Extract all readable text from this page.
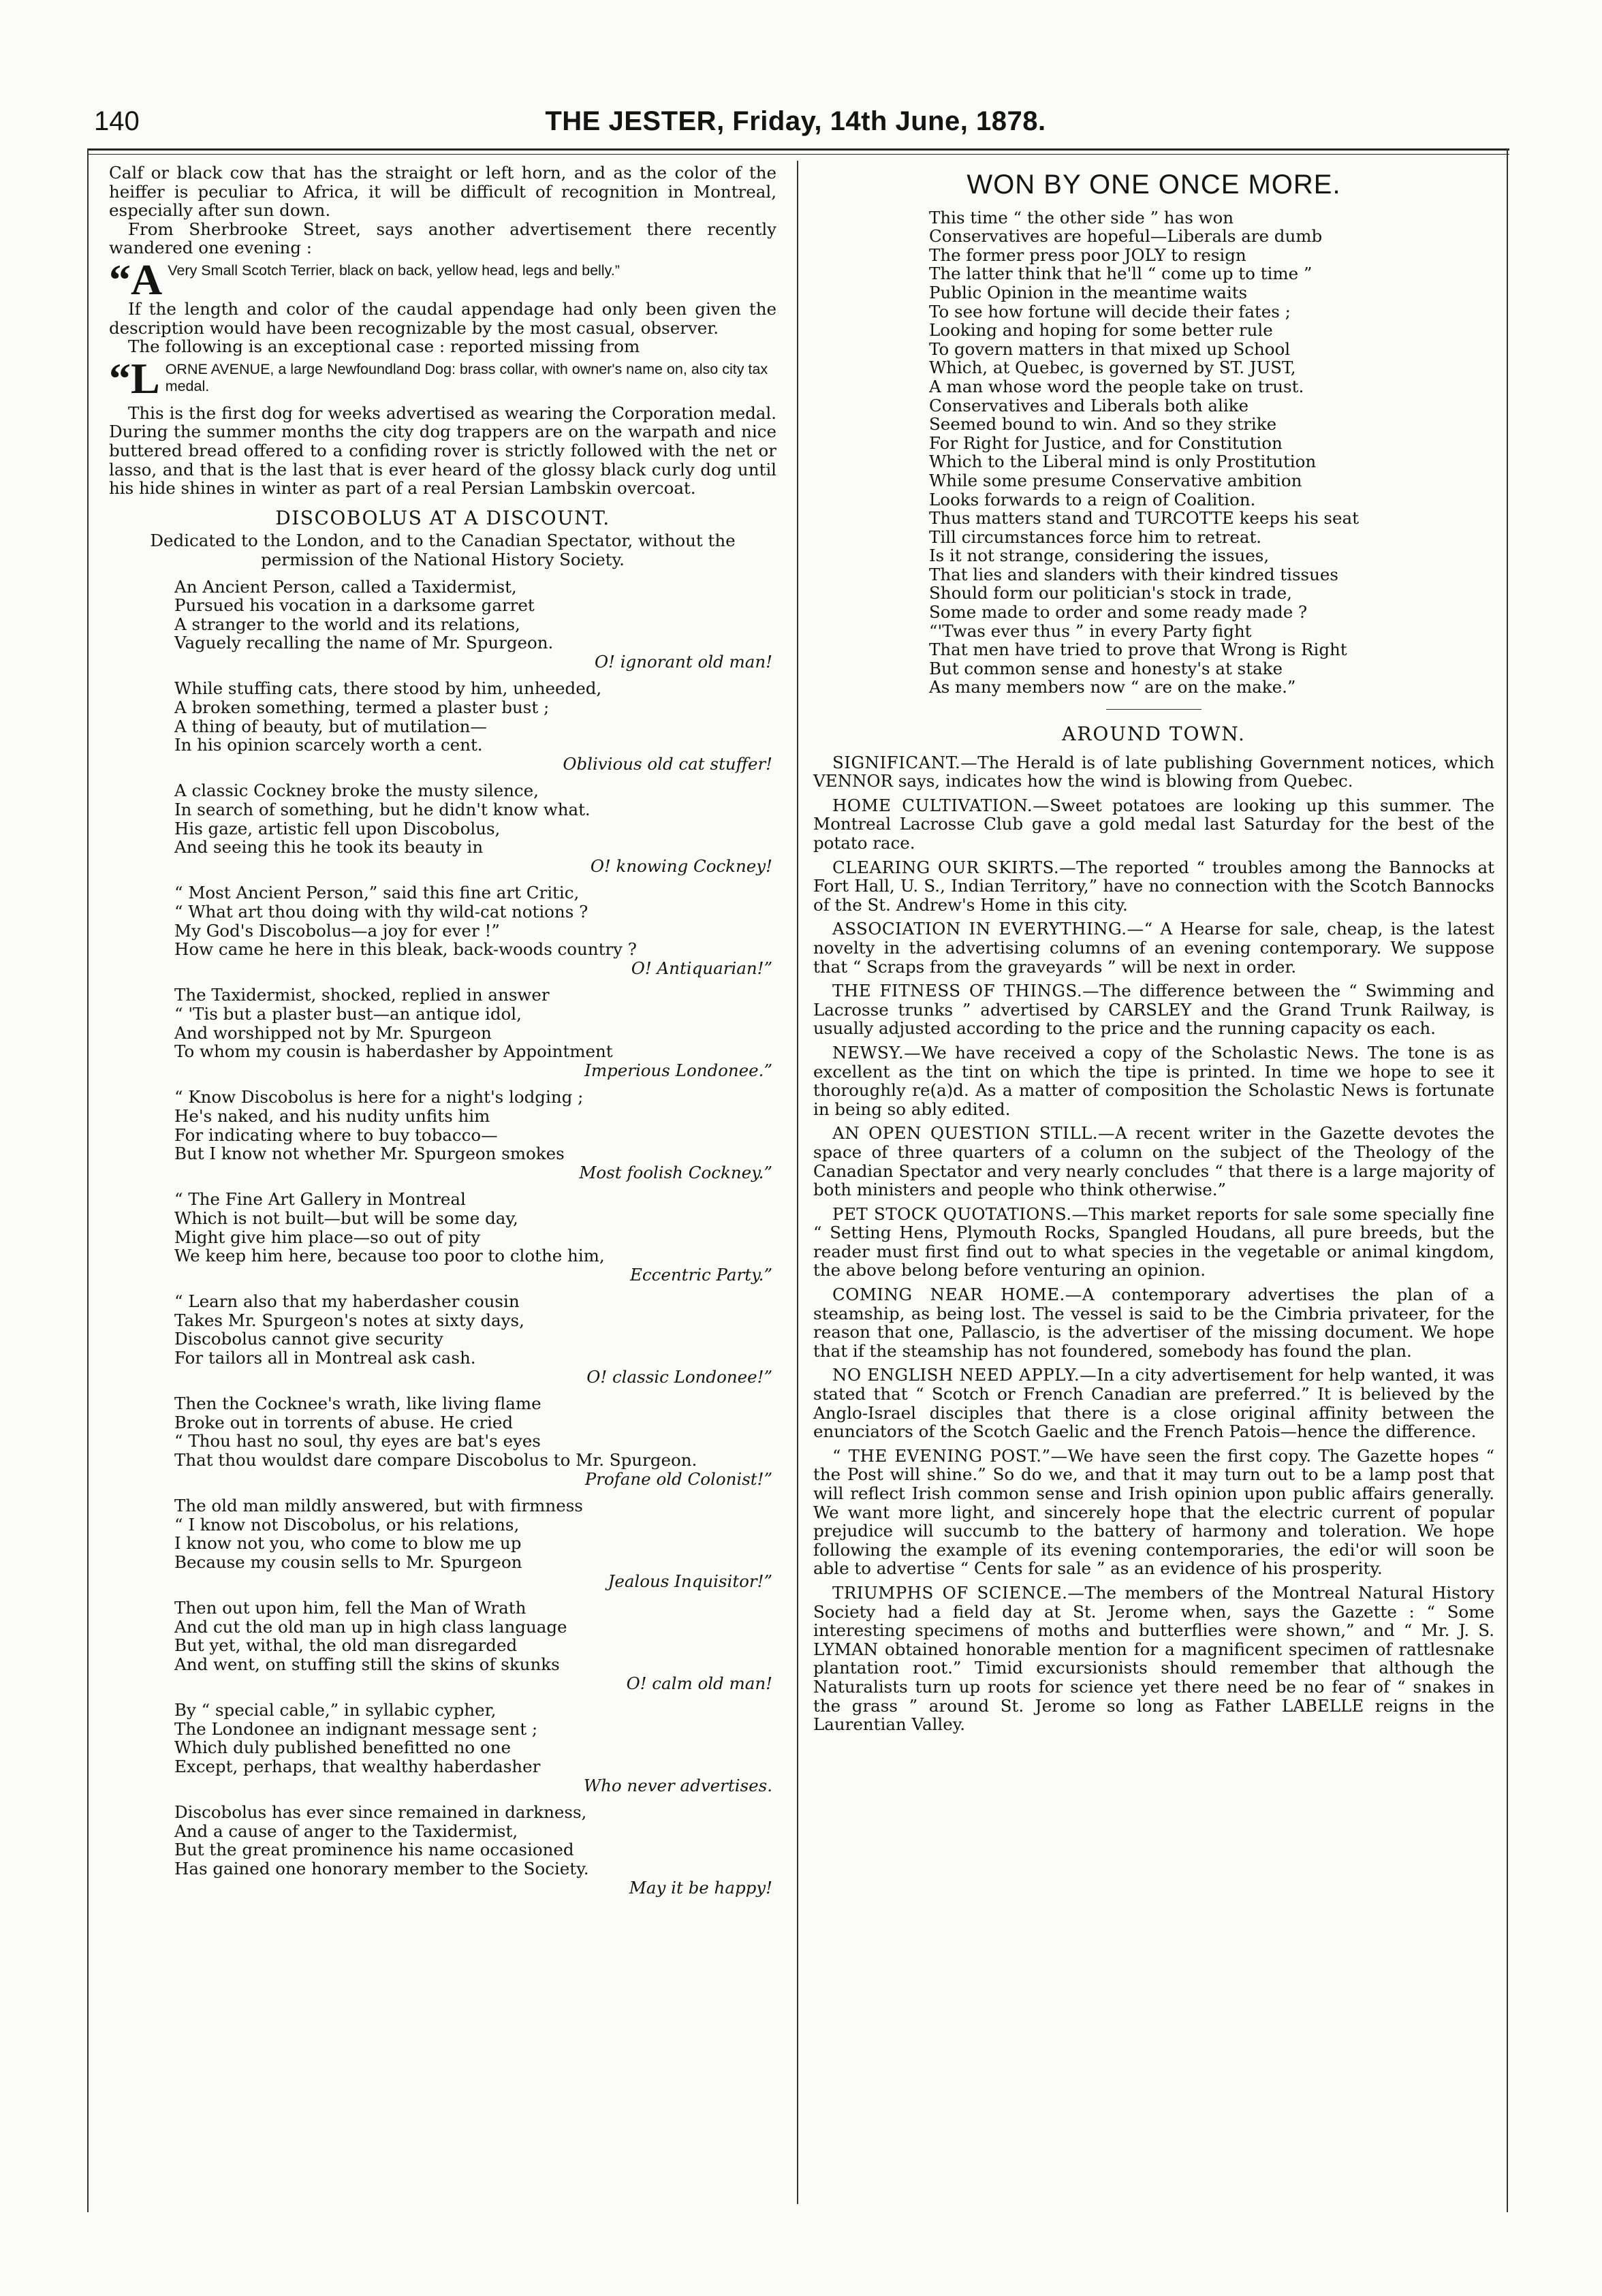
140	THE JESTER, Friday, 14th June, 1878.

Calf or black cow that has the straight or left horn, and as the color of the heiffer is peculiar to Africa, it will be difficult of recognition in Montreal, especially after sun down.

From Sherbrooke Street, says another advertisement there recently wandered one evening :

“A Very Small Scotch Terrier, black on back, yellow head, legs and belly.”

If the length and color of the caudal appendage had only been given the description would have been recognizable by the most casual, observer.

The following is an exceptional case : reported missing from

“L ORNE AVENUE, a large Newfoundland Dog: brass collar, with owner's name on, also city tax medal.

This is the first dog for weeks advertised as wearing the Corporation medal. During the summer months the city dog trappers are on the warpath and nice buttered bread offered to a confiding rover is strictly followed with the net or lasso, and that is the last that is ever heard of the glossy black curly dog until his hide shines in winter as part of a real Persian Lambskin overcoat.

DISCOBOLUS AT A DISCOUNT.
Dedicated to the London, and to the Canadian Spectator, without the permission of the National History Society.
An Ancient Person, called a Taxidermist,
Pursued his vocation in a darksome garret
A stranger to the world and its relations,
Vaguely recalling the name of Mr. Spurgeon.
O! ignorant old man!
While stuffing cats, there stood by him, unheeded,
A broken something, termed a plaster bust ;
A thing of beauty, but of mutilation—
In his opinion scarcely worth a cent.
Oblivious old cat stuffer!
A classic Cockney broke the musty silence,
In search of something, but he didn't know what.
His gaze, artistic fell upon Discobolus,
And seeing this he took its beauty in
O! knowing Cockney!
“ Most Ancient Person,” said this fine art Critic,
“ What art thou doing with thy wild-cat notions ?
My God's Discobolus—a joy for ever !”
How came he here in this bleak, back-woods country ?
O! Antiquarian!”
The Taxidermist, shocked, replied in answer
“ 'Tis but a plaster bust—an antique idol,
And worshipped not by Mr. Spurgeon
To whom my cousin is haberdasher by Appointment
Imperious Londonee.”
“ Know Discobolus is here for a night's lodging ;
He's naked, and his nudity unfits him
For indicating where to buy tobacco—
But I know not whether Mr. Spurgeon smokes
Most foolish Cockney.”
“ The Fine Art Gallery in Montreal
Which is not built—but will be some day,
Might give him place—so out of pity
We keep him here, because too poor to clothe him,
Eccentric Party.”
“ Learn also that my haberdasher cousin
Takes Mr. Spurgeon's notes at sixty days,
Discobolus cannot give security
For tailors all in Montreal ask cash.
O! classic Londonee!”
Then the Cocknee's wrath, like living flame
Broke out in torrents of abuse. He cried
“ Thou hast no soul, thy eyes are bat's eyes
That thou wouldst dare compare Discobolus to Mr. Spurgeon.
Profane old Colonist!”
The old man mildly answered, but with firmness
“ I know not Discobolus, or his relations,
I know not you, who come to blow me up
Because my cousin sells to Mr. Spurgeon
Jealous Inquisitor!”
Then out upon him, fell the Man of Wrath
And cut the old man up in high class language
But yet, withal, the old man disregarded
And went, on stuffing still the skins of skunks
O! calm old man!
By “ special cable,” in syllabic cypher,
The Londonee an indignant message sent ;
Which duly published benefitted no one
Except, perhaps, that wealthy haberdasher
Who never advertises.
Discobolus has ever since remained in darkness,
And a cause of anger to the Taxidermist,
But the great prominence his name occasioned
Has gained one honorary member to the Society.
May it be happy!
WON BY ONE ONCE MORE.
This time “ the other side ” has won
Conservatives are hopeful—Liberals are dumb
The former press poor JOLY to resign
The latter think that he'll “ come up to time ”
Public Opinion in the meantime waits
To see how fortune will decide their fates ;
Looking and hoping for some better rule
To govern matters in that mixed up School
Which, at Quebec, is governed by ST. JUST,
A man whose word the people take on trust.
Conservatives and Liberals both alike
Seemed bound to win. And so they strike
For Right for Justice, and for Constitution
Which to the Liberal mind is only Prostitution
While some presume Conservative ambition
Looks forwards to a reign of Coalition.
Thus matters stand and TURCOTTE keeps his seat
Till circumstances force him to retreat.
Is it not strange, considering the issues,
That lies and slanders with their kindred tissues
Should form our politician's stock in trade,
Some made to order and some ready made ?
“'Twas ever thus ” in every Party fight
That men have tried to prove that Wrong is Right
But common sense and honesty's at stake
As many members now “ are on the make.”
AROUND TOWN.

SIGNIFICANT.—The Herald is of late publishing Government notices, which VENNOR says, indicates how the wind is blowing from Quebec.

HOME CULTIVATION.—Sweet potatoes are looking up this summer. The Montreal Lacrosse Club gave a gold medal last Saturday for the best of the potato race.

CLEARING OUR SKIRTS.—The reported “ troubles among the Bannocks at Fort Hall, U. S., Indian Territory,” have no connection with the Scotch Bannocks of the St. Andrew's Home in this city.

ASSOCIATION IN EVERYTHING.—“ A Hearse for sale, cheap, is the latest novelty in the advertising columns of an evening contemporary. We suppose that “ Scraps from the graveyards ” will be next in order.

THE FITNESS OF THINGS.—The difference between the “ Swimming and Lacrosse trunks ” advertised by CARSLEY and the Grand Trunk Railway, is usually adjusted according to the price and the running capacity os each.

NEWSY.—We have received a copy of the Scholastic News. The tone is as excellent as the tint on which the tipe is printed. In time we hope to see it thoroughly re(a)d. As a matter of composition the Scholastic News is fortunate in being so ably edited.

AN OPEN QUESTION STILL.—A recent writer in the Gazette devotes the space of three quarters of a column on the subject of the Theology of the Canadian Spectator and very nearly concludes “ that there is a large majority of both ministers and people who think otherwise.”

PET STOCK QUOTATIONS.—This market reports for sale some specially fine “ Setting Hens, Plymouth Rocks, Spangled Houdans, all pure breeds, but the reader must first find out to what species in the vegetable or animal kingdom, the above belong before venturing an opinion.

COMING NEAR HOME.—A contemporary advertises the plan of a steamship, as being lost. The vessel is said to be the Cimbria privateer, for the reason that one, Pallascio, is the advertiser of the missing document. We hope that if the steamship has not foundered, somebody has found the plan.

NO ENGLISH NEED APPLY.—In a city advertisement for help wanted, it was stated that “ Scotch or French Canadian are preferred.” It is believed by the Anglo-Israel disciples that there is a close original affinity between the enunciators of the Scotch Gaelic and the French Patois—hence the difference.

“ THE EVENING POST.”—We have seen the first copy. The Gazette hopes “ the Post will shine.” So do we, and that it may turn out to be a lamp post that will reflect Irish common sense and Irish opinion upon public affairs generally. We want more light, and sincerely hope that the electric current of popular prejudice will succumb to the battery of harmony and toleration. We hope following the example of its evening contemporaries, the edi'or will soon be able to advertise “ Cents for sale ” as an evidence of his prosperity.

TRIUMPHS OF SCIENCE.—The members of the Montreal Natural History Society had a field day at St. Jerome when, says the Gazette : “ Some interesting specimens of moths and butterflies were shown,” and “ Mr. J. S. LYMAN obtained honorable mention for a magnificent specimen of rattlesnake plantation root.” Timid excursionists should remember that although the Naturalists turn up roots for science yet there need be no fear of “ snakes in the grass ” around St. Jerome so long as Father LABELLE reigns in the Laurentian Valley.
